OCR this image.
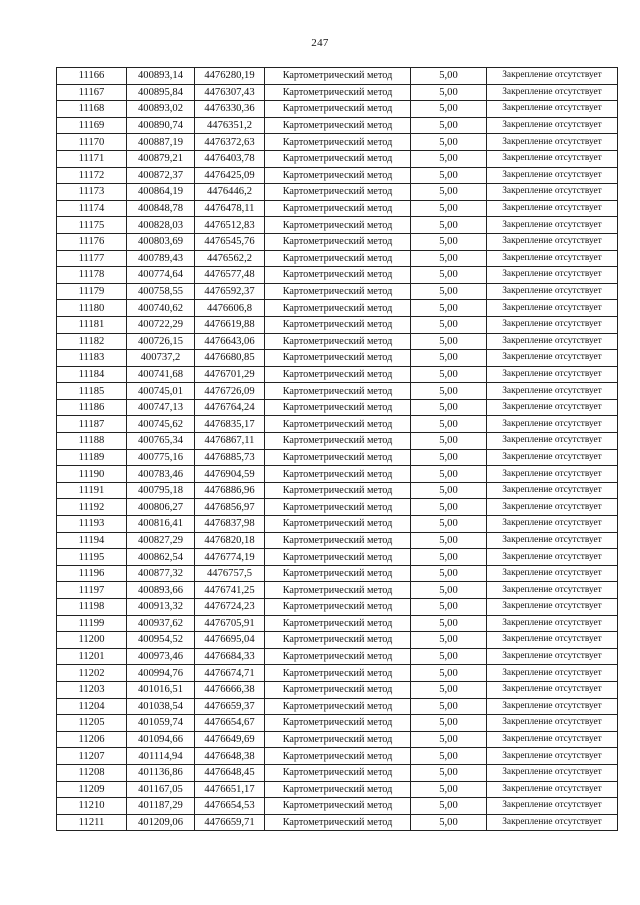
247
11166	400893,14	4476280,19	Картометрический метод	5,00	Закрепление отсутствует
11167	400895,84	4476307,43	Картометрический метод	5,00	Закрепление отсутствует
11168	400893,02	4476330,36	Картометрический метод	5,00	Закрепление отсутствует
11169	400890,74	4476351,2	Картометрический метод	5,00	Закрепление отсутствует
11170	400887,19	4476372,63	Картометрический метод	5,00	Закрепление отсутствует
11171	400879,21	4476403,78	Картометрический метод	5,00	Закрепление отсутствует
11172	400872,37	4476425,09	Картометрический метод	5,00	Закрепление отсутствует
11173	400864,19	4476446,2	Картометрический метод	5,00	Закрепление отсутствует
11174	400848,78	4476478,11	Картометрический метод	5,00	Закрепление отсутствует
11175	400828,03	4476512,83	Картометрический метод	5,00	Закрепление отсутствует
11176	400803,69	4476545,76	Картометрический метод	5,00	Закрепление отсутствует
11177	400789,43	4476562,2	Картометрический метод	5,00	Закрепление отсутствует
11178	400774,64	4476577,48	Картометрический метод	5,00	Закрепление отсутствует
11179	400758,55	4476592,37	Картометрический метод	5,00	Закрепление отсутствует
11180	400740,62	4476606,8	Картометрический метод	5,00	Закрепление отсутствует
11181	400722,29	4476619,88	Картометрический метод	5,00	Закрепление отсутствует
11182	400726,15	4476643,06	Картометрический метод	5,00	Закрепление отсутствует
11183	400737,2	4476680,85	Картометрический метод	5,00	Закрепление отсутствует
11184	400741,68	4476701,29	Картометрический метод	5,00	Закрепление отсутствует
11185	400745,01	4476726,09	Картометрический метод	5,00	Закрепление отсутствует
11186	400747,13	4476764,24	Картометрический метод	5,00	Закрепление отсутствует
11187	400745,62	4476835,17	Картометрический метод	5,00	Закрепление отсутствует
11188	400765,34	4476867,11	Картометрический метод	5,00	Закрепление отсутствует
11189	400775,16	4476885,73	Картометрический метод	5,00	Закрепление отсутствует
11190	400783,46	4476904,59	Картометрический метод	5,00	Закрепление отсутствует
11191	400795,18	4476886,96	Картометрический метод	5,00	Закрепление отсутствует
11192	400806,27	4476856,97	Картометрический метод	5,00	Закрепление отсутствует
11193	400816,41	4476837,98	Картометрический метод	5,00	Закрепление отсутствует
11194	400827,29	4476820,18	Картометрический метод	5,00	Закрепление отсутствует
11195	400862,54	4476774,19	Картометрический метод	5,00	Закрепление отсутствует
11196	400877,32	4476757,5	Картометрический метод	5,00	Закрепление отсутствует
11197	400893,66	4476741,25	Картометрический метод	5,00	Закрепление отсутствует
11198	400913,32	4476724,23	Картометрический метод	5,00	Закрепление отсутствует
11199	400937,62	4476705,91	Картометрический метод	5,00	Закрепление отсутствует
11200	400954,52	4476695,04	Картометрический метод	5,00	Закрепление отсутствует
11201	400973,46	4476684,33	Картометрический метод	5,00	Закрепление отсутствует
11202	400994,76	4476674,71	Картометрический метод	5,00	Закрепление отсутствует
11203	401016,51	4476666,38	Картометрический метод	5,00	Закрепление отсутствует
11204	401038,54	4476659,37	Картометрический метод	5,00	Закрепление отсутствует
11205	401059,74	4476654,67	Картометрический метод	5,00	Закрепление отсутствует
11206	401094,66	4476649,69	Картометрический метод	5,00	Закрепление отсутствует
11207	401114,94	4476648,38	Картометрический метод	5,00	Закрепление отсутствует
11208	401136,86	4476648,45	Картометрический метод	5,00	Закрепление отсутствует
11209	401167,05	4476651,17	Картометрический метод	5,00	Закрепление отсутствует
11210	401187,29	4476654,53	Картометрический метод	5,00	Закрепление отсутствует
11211	401209,06	4476659,71	Картометрический метод	5,00	Закрепление отсутствует
